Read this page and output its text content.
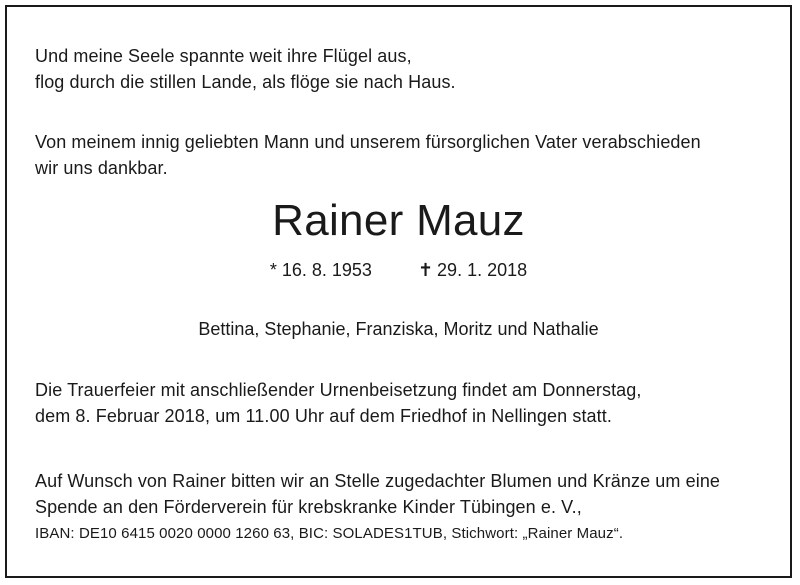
Und meine Seele spannte weit ihre Flügel aus,
flog durch die stillen Lande, als flöge sie nach Haus.
Von meinem innig geliebten Mann und unserem fürsorglichen Vater verabschieden
wir uns dankbar.
Rainer Mauz
* 16. 8. 1953	✝ 29. 1. 2018
Bettina, Stephanie, Franziska, Moritz und Nathalie
Die Trauerfeier mit anschließender Urnenbeisetzung findet am Donnerstag,
dem 8. Februar 2018, um 11.00 Uhr auf dem Friedhof in Nellingen statt.
Auf Wunsch von Rainer bitten wir an Stelle zugedachter Blumen und Kränze um eine
Spende an den Förderverein für krebskranke Kinder Tübingen e. V.,
IBAN: DE10 6415 0020 0000 1260 63, BIC: SOLADES1TUB, Stichwort: „Rainer Mauz“.
